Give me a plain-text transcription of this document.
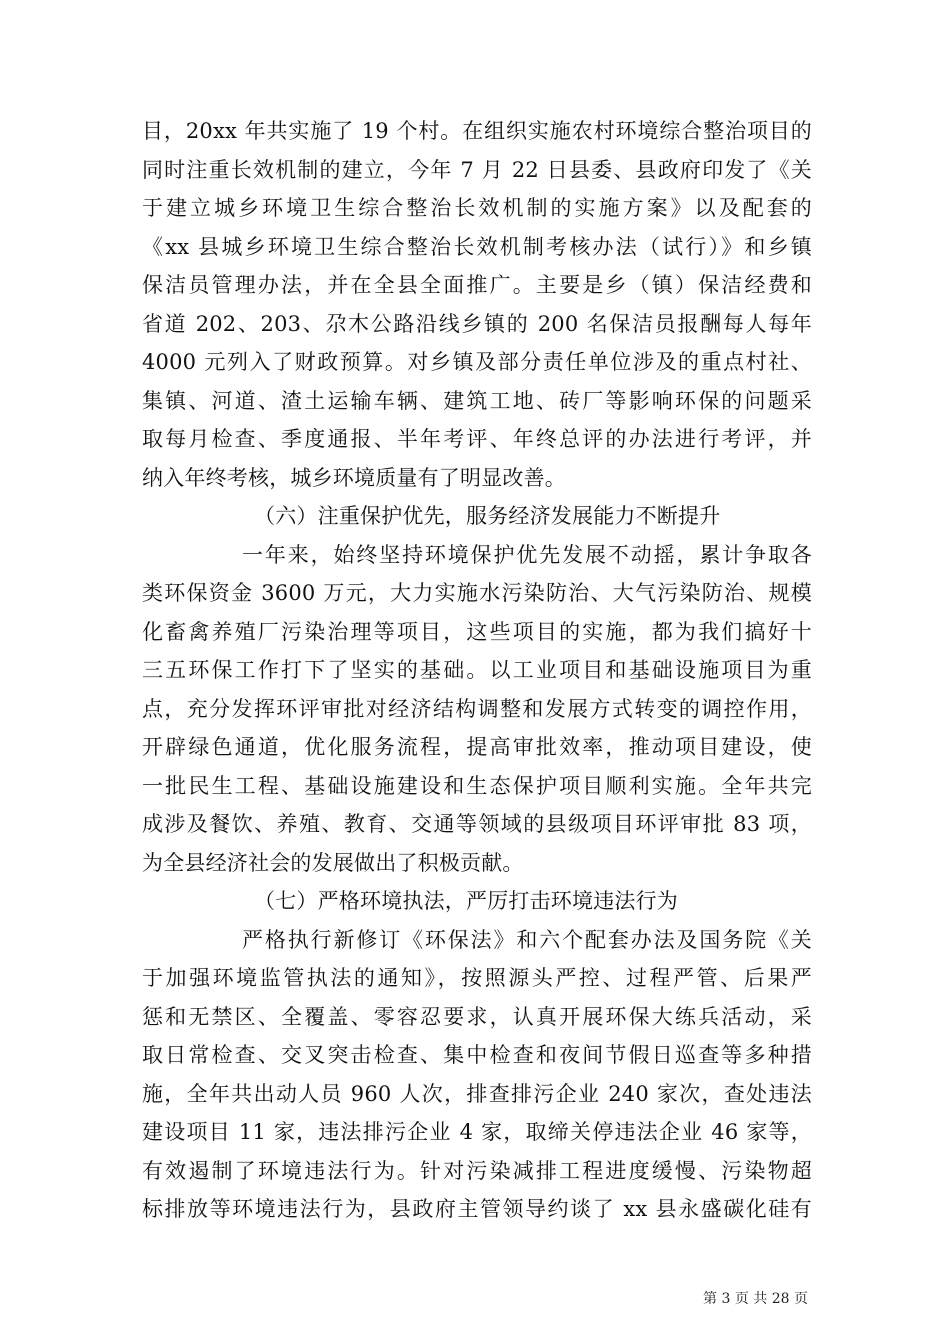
目，20xx 年共实施了 19 个村。在组织实施农村环境综合整治项目的
同时注重长效机制的建立，今年 7 月 22 日县委、县政府印发了《关
于建立城乡环境卫生综合整治长效机制的实施方案》以及配套的
《xx 县城乡环境卫生综合整治长效机制考核办法（试行）》和乡镇
保洁员管理办法，并在全县全面推广。主要是乡（镇）保洁经费和
省道 202、203、尕木公路沿线乡镇的 200 名保洁员报酬每人每年
4000 元列入了财政预算。对乡镇及部分责任单位涉及的重点村社、
集镇、河道、渣土运输车辆、建筑工地、砖厂等影响环保的问题采
取每月检查、季度通报、半年考评、年终总评的办法进行考评，并
纳入年终考核，城乡环境质量有了明显改善。
（六）注重保护优先，服务经济发展能力不断提升
一年来，始终坚持环境保护优先发展不动摇，累计争取各
类环保资金 3600 万元，大力实施水污染防治、大气污染防治、规模
化畜禽养殖厂污染治理等项目，这些项目的实施，都为我们搞好十
三五环保工作打下了坚实的基础。以工业项目和基础设施项目为重
点，充分发挥环评审批对经济结构调整和发展方式转变的调控作用，
开辟绿色通道，优化服务流程，提高审批效率，推动项目建设，使
一批民生工程、基础设施建设和生态保护项目顺利实施。全年共完
成涉及餐饮、养殖、教育、交通等领域的县级项目环评审批 83 项，
为全县经济社会的发展做出了积极贡献。
（七）严格环境执法，严厉打击环境违法行为
严格执行新修订《环保法》和六个配套办法及国务院《关
于加强环境监管执法的通知》，按照源头严控、过程严管、后果严
惩和无禁区、全覆盖、零容忍要求，认真开展环保大练兵活动，采
取日常检查、交叉突击检查、集中检查和夜间节假日巡查等多种措
施，全年共出动人员 960 人次，排查排污企业 240 家次，查处违法
建设项目 11 家，违法排污企业 4 家，取缔关停违法企业 46 家等，
有效遏制了环境违法行为。针对污染减排工程进度缓慢、污染物超
标排放等环境违法行为，县政府主管领导约谈了 xx 县永盛碳化硅有
第 3 页 共 28 页
